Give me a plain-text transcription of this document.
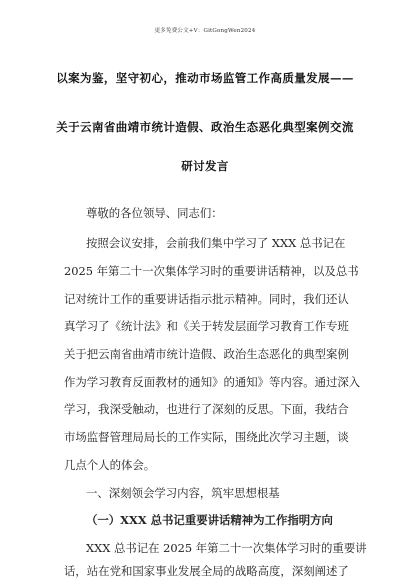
更多免费公文+V：GitGongWen2024
以案为鉴，坚守初心，推动市场监管工作高质量发展——
关于云南省曲靖市统计造假、政治生态恶化典型案例交流
研讨发言
尊敬的各位领导、同志们：
按照会议安排，会前我们集中学习了 XXX 总书记在
2025 年第二十一次集体学习时的重要讲话精神，以及总书
记对统计工作的重要讲话指示批示精神。同时，我们还认
真学习了《统计法》和《关于转发层面学习教育工作专班
关于把云南省曲靖市统计造假、政治生态恶化的典型案例
作为学习教育反面教材的通知》的通知》等内容。通过深入
学习，我深受触动，也进行了深刻的反思。下面，我结合
市场监督管理局局长的工作实际，围绕此次学习主题，谈
几点个人的体会。
一、深刻领会学习内容，筑牢思想根基
（一）XXX 总书记重要讲话精神为工作指明方向
XXX 总书记在 2025 年第二十一次集体学习时的重要讲
话，站在党和国家事业发展全局的战略高度，深刻阐述了
